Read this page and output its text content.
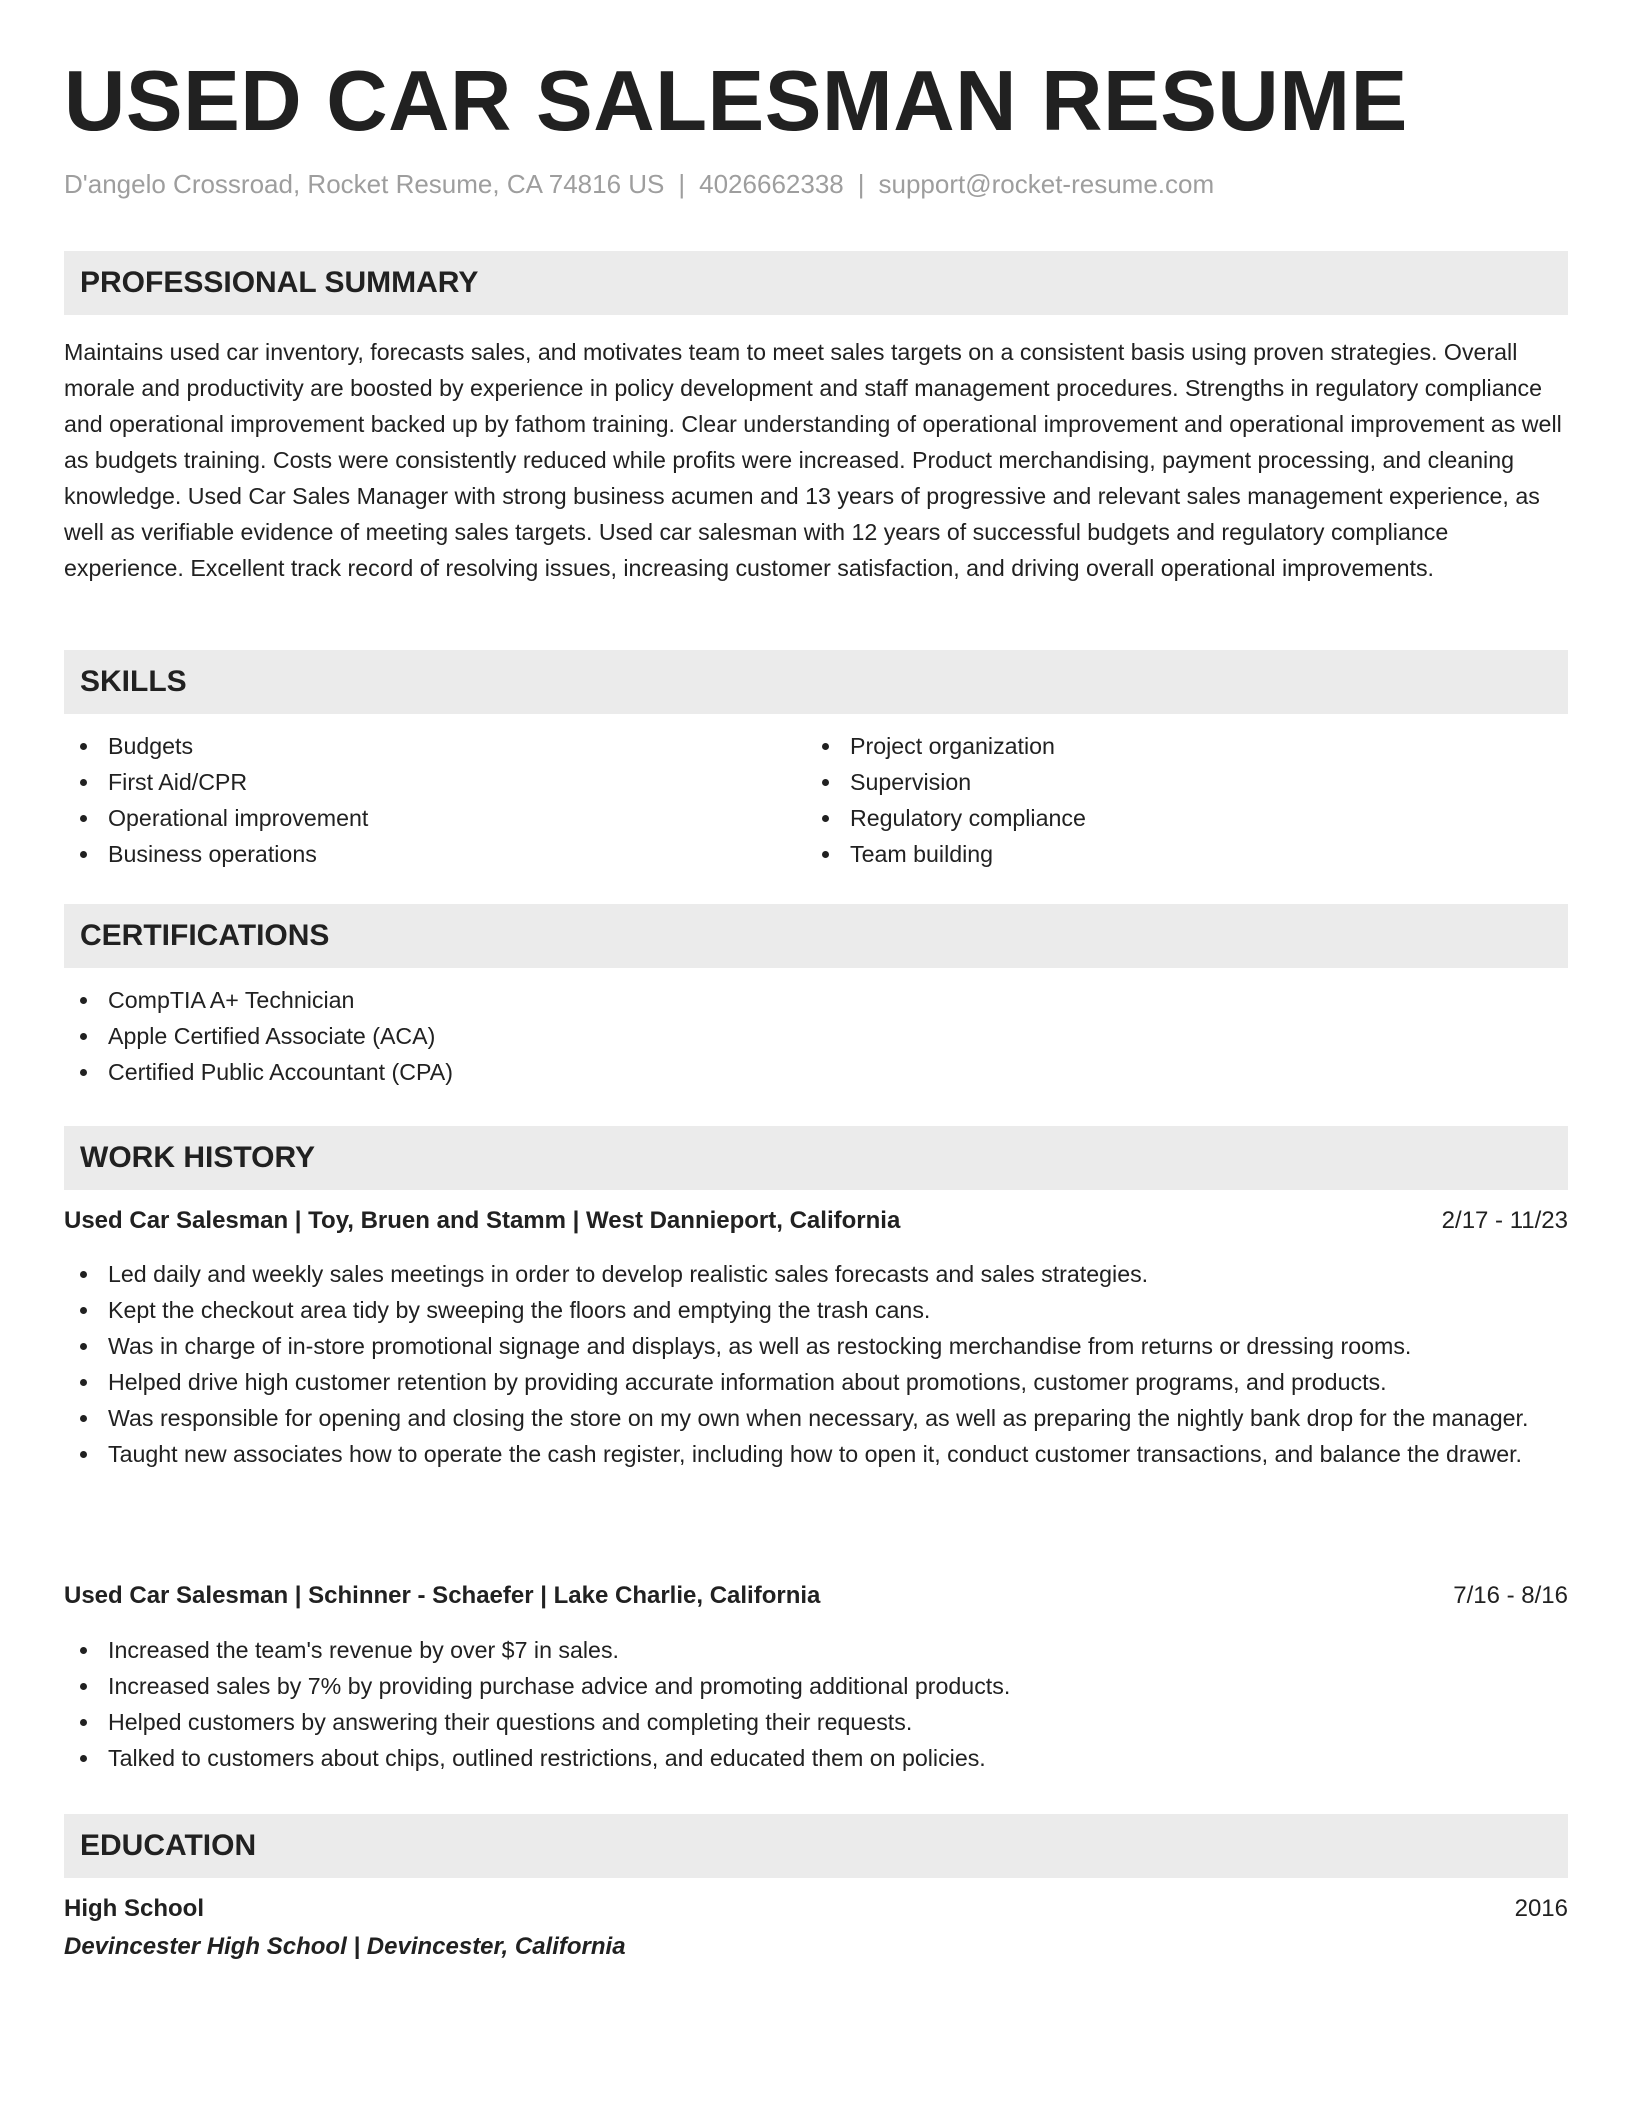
USED CAR SALESMAN RESUME
D'angelo Crossroad, Rocket Resume, CA 74816 US | 4026662338 | support@rocket-resume.com
PROFESSIONAL SUMMARY

Maintains used car inventory, forecasts sales, and motivates team to meet sales targets on a consistent basis using proven strategies. Overall morale and productivity are boosted by experience in policy development and staff management procedures. Strengths in regulatory compliance and operational improvement backed up by fathom training. Clear understanding of operational improvement and operational improvement as well as budgets training. Costs were consistently reduced while profits were increased. Product merchandising, payment processing, and cleaning knowledge. Used Car Sales Manager with strong business acumen and 13 years of progressive and relevant sales management experience, as well as verifiable evidence of meeting sales targets. Used car salesman with 12 years of successful budgets and regulatory compliance experience. Excellent track record of resolving issues, increasing customer satisfaction, and driving overall operational improvements.

SKILLS
Budgets
First Aid/CPR
Operational improvement
Business operations
Project organization
Supervision
Regulatory compliance
Team building
CERTIFICATIONS
CompTIA A+ Technician
Apple Certified Associate (ACA)
Certified Public Accountant (CPA)
WORK HISTORY
Used Car Salesman | Toy, Bruen and Stamm | West Dannieport, California	2/17 - 11/23
Led daily and weekly sales meetings in order to develop realistic sales forecasts and sales strategies.
Kept the checkout area tidy by sweeping the floors and emptying the trash cans.
Was in charge of in-store promotional signage and displays, as well as restocking merchandise from returns or dressing rooms.
Helped drive high customer retention by providing accurate information about promotions, customer programs, and products.
Was responsible for opening and closing the store on my own when necessary, as well as preparing the nightly bank drop for the manager.
Taught new associates how to operate the cash register, including how to open it, conduct customer transactions, and balance the drawer.
Used Car Salesman | Schinner - Schaefer | Lake Charlie, California	7/16 - 8/16
Increased the team's revenue by over $7 in sales.
Increased sales by 7% by providing purchase advice and promoting additional products.
Helped customers by answering their questions and completing their requests.
Talked to customers about chips, outlined restrictions, and educated them on policies.
EDUCATION
High School	2016
Devincester High School | Devincester, California
